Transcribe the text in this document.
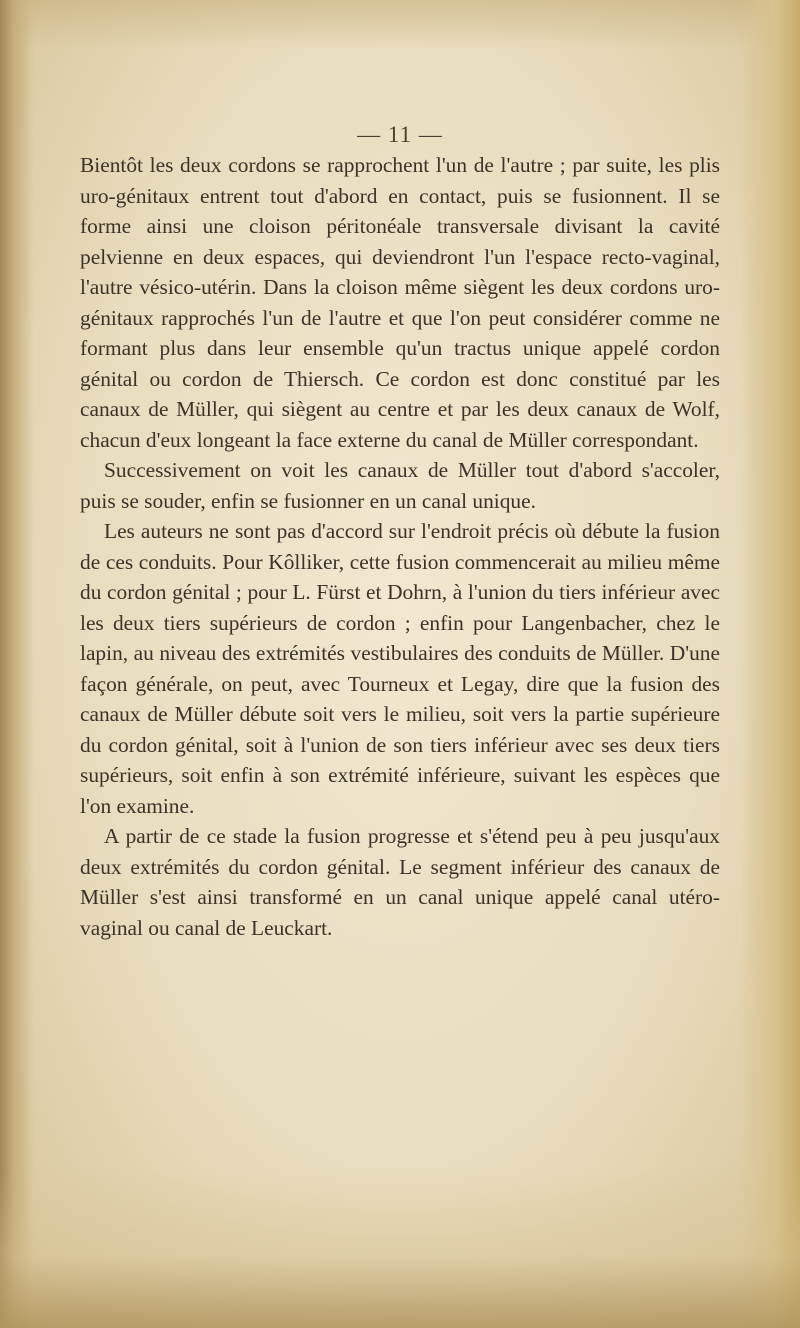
— 11 —

Bientôt les deux cordons se rapprochent l'un de l'autre ; par suite, les plis uro-génitaux entrent tout d'abord en contact, puis se fusionnent. Il se forme ainsi une cloison péritonéale transversale divisant la cavité pelvienne en deux espaces, qui deviendront l'un l'espace recto-vaginal, l'autre vésico-utérin. Dans la cloison même siègent les deux cordons uro-génitaux rapprochés l'un de l'autre et que l'on peut considérer comme ne formant plus dans leur ensemble qu'un tractus unique appelé cordon génital ou cordon de Thiersch. Ce cordon est donc constitué par les canaux de Müller, qui siègent au centre et par les deux canaux de Wolf, chacun d'eux longeant la face externe du canal de Müller correspondant.

Successivement on voit les canaux de Müller tout d'abord s'accoler, puis se souder, enfin se fusionner en un canal unique.

Les auteurs ne sont pas d'accord sur l'endroit précis où débute la fusion de ces conduits. Pour Kôlliker, cette fusion commencerait au milieu même du cordon génital ; pour L. Fürst et Dohrn, à l'union du tiers inférieur avec les deux tiers supérieurs de cordon ; enfin pour Langenbacher, chez le lapin, au niveau des extrémités vestibulaires des conduits de Müller. D'une façon générale, on peut, avec Tourneux et Legay, dire que la fusion des canaux de Müller débute soit vers le milieu, soit vers la partie supérieure du cordon génital, soit à l'union de son tiers inférieur avec ses deux tiers supérieurs, soit enfin à son extrémité inférieure, suivant les espèces que l'on examine.

A partir de ce stade la fusion progresse et s'étend peu à peu jusqu'aux deux extrémités du cordon génital. Le segment inférieur des canaux de Müller s'est ainsi transformé en un canal unique appelé canal utéro-vaginal ou canal de Leuckart.
